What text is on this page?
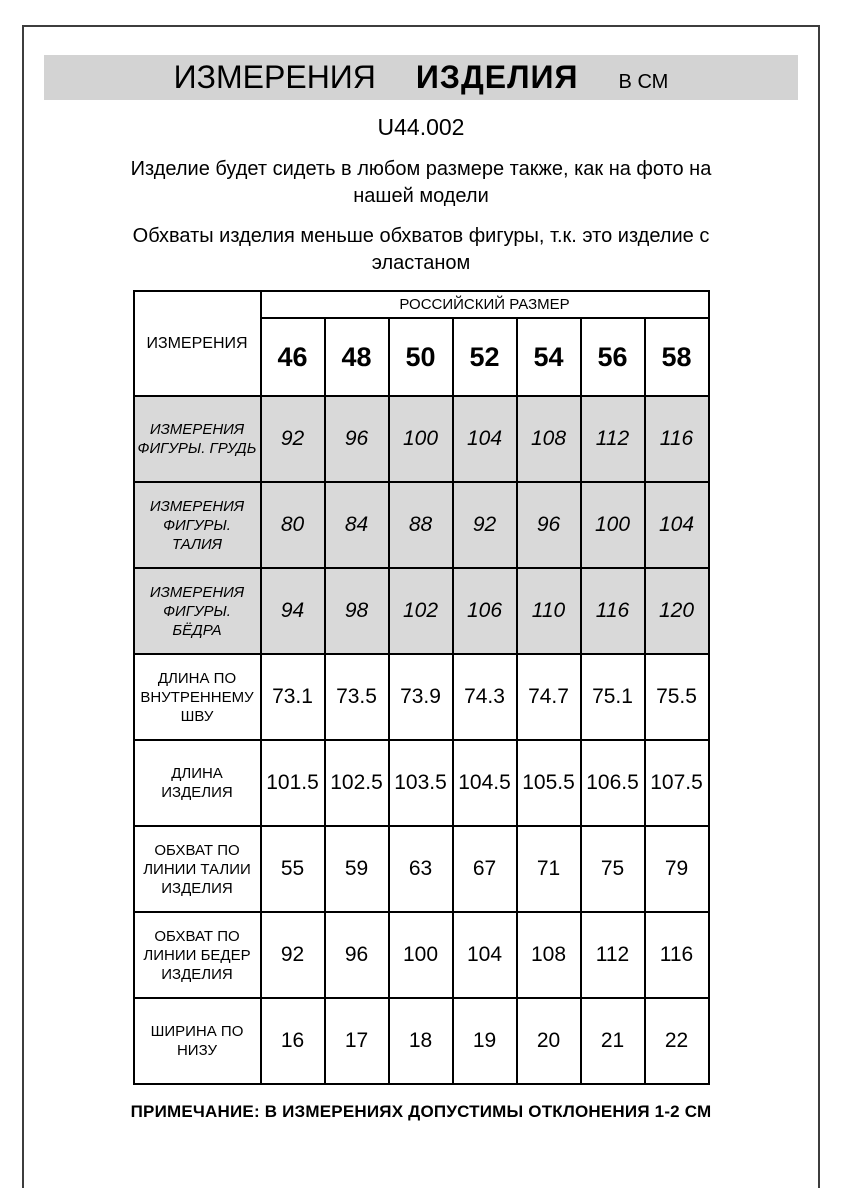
ИЗМЕРЕНИЯ ИЗДЕЛИЯ В СМ
U44.002

Изделие будет сидеть в любом размере также, как на фото на нашей модели

Обхваты изделия меньше обхватов фигуры, т.к. это изделие с эластаном

ИЗМЕРЕНИЯ	РОССИЙСКИЙ РАЗМЕР						
	46	48	50	52	54	56	58
ИЗМЕРЕНИЯ ФИГУРЫ. ГРУДЬ	92	96	100	104	108	112	116
ИЗМЕРЕНИЯ ФИГУРЫ. ТАЛИЯ	80	84	88	92	96	100	104
ИЗМЕРЕНИЯ ФИГУРЫ. БЁДРА	94	98	102	106	110	116	120
ДЛИНА ПО ВНУТРЕННЕМУ ШВУ	73.1	73.5	73.9	74.3	74.7	75.1	75.5
ДЛИНА ИЗДЕЛИЯ	101.5	102.5	103.5	104.5	105.5	106.5	107.5
ОБХВАТ ПО ЛИНИИ ТАЛИИ ИЗДЕЛИЯ	55	59	63	67	71	75	79
ОБХВАТ ПО ЛИНИИ БЕДЕР ИЗДЕЛИЯ	92	96	100	104	108	112	116
ШИРИНА ПО НИЗУ	16	17	18	19	20	21	22
ПРИМЕЧАНИЕ: В ИЗМЕРЕНИЯХ ДОПУСТИМЫ ОТКЛОНЕНИЯ 1-2 СМ
